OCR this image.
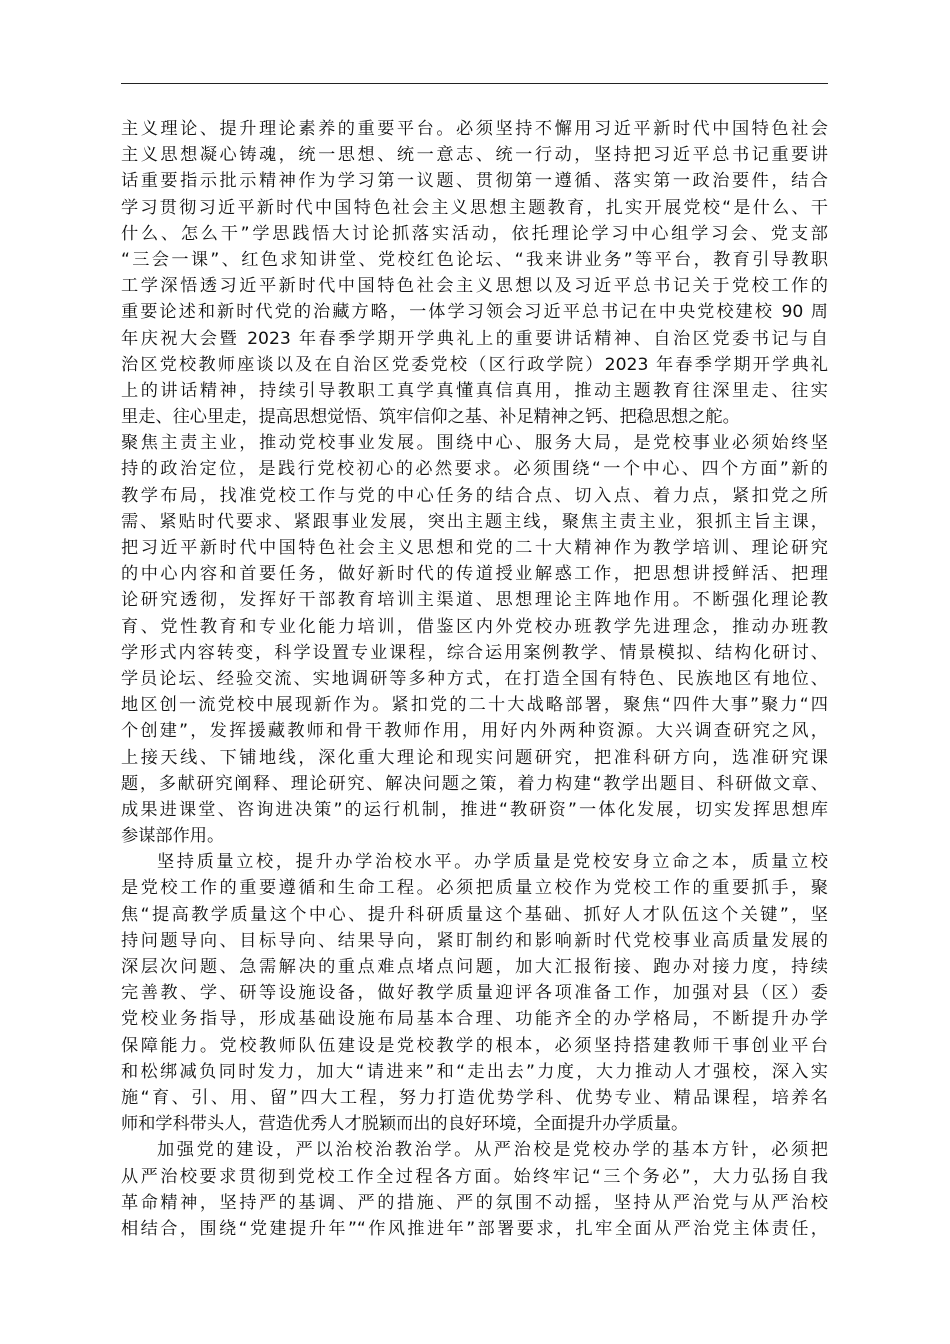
主义理论、提升理论素养的重要平台。必须坚持不懈用习近平新时代中国特色社会
主义思想凝心铸魂，统一思想、统一意志、统一行动，坚持把习近平总书记重要讲
话重要指示批示精神作为学习第一议题、贯彻第一遵循、落实第一政治要件，结合
学习贯彻习近平新时代中国特色社会主义思想主题教育，扎实开展党校“是什么、干
什么、怎么干”学思践悟大讨论抓落实活动，依托理论学习中心组学习会、党支部
“三会一课”、红色求知讲堂、党校红色论坛、“我来讲业务”等平台，教育引导教职
工学深悟透习近平新时代中国特色社会主义思想以及习近平总书记关于党校工作的
重要论述和新时代党的治藏方略，一体学习领会习近平总书记在中央党校建校 90 周
年庆祝大会暨 2023 年春季学期开学典礼上的重要讲话精神、自治区党委书记与自
治区党校教师座谈以及在自治区党委党校（区行政学院）2023 年春季学期开学典礼
上的讲话精神，持续引导教职工真学真懂真信真用，推动主题教育往深里走、往实
里走、往心里走，提高思想觉悟、筑牢信仰之基、补足精神之钙、把稳思想之舵。
聚焦主责主业，推动党校事业发展。围绕中心、服务大局，是党校事业必须始终坚
持的政治定位，是践行党校初心的必然要求。必须围绕“一个中心、四个方面”新的
教学布局，找准党校工作与党的中心任务的结合点、切入点、着力点，紧扣党之所
需、紧贴时代要求、紧跟事业发展，突出主题主线，聚焦主责主业，狠抓主旨主课，
把习近平新时代中国特色社会主义思想和党的二十大精神作为教学培训、理论研究
的中心内容和首要任务，做好新时代的传道授业解惑工作，把思想讲授鲜活、把理
论研究透彻，发挥好干部教育培训主渠道、思想理论主阵地作用。不断强化理论教
育、党性教育和专业化能力培训，借鉴区内外党校办班教学先进理念，推动办班教
学形式内容转变，科学设置专业课程，综合运用案例教学、情景模拟、结构化研讨、
学员论坛、经验交流、实地调研等多种方式，在打造全国有特色、民族地区有地位、
地区创一流党校中展现新作为。紧扣党的二十大战略部署，聚焦“四件大事”聚力“四
个创建”，发挥援藏教师和骨干教师作用，用好内外两种资源。大兴调查研究之风，
上接天线、下铺地线，深化重大理论和现实问题研究，把准科研方向，选准研究课
题，多献研究阐释、理论研究、解决问题之策，着力构建“教学出题目、科研做文章、
成果进课堂、咨询进决策”的运行机制，推进“教研资”一体化发展，切实发挥思想库
参谋部作用。
坚持质量立校，提升办学治校水平。办学质量是党校安身立命之本，质量立校
是党校工作的重要遵循和生命工程。必须把质量立校作为党校工作的重要抓手，聚
焦“提高教学质量这个中心、提升科研质量这个基础、抓好人才队伍这个关键”，坚
持问题导向、目标导向、结果导向，紧盯制约和影响新时代党校事业高质量发展的
深层次问题、急需解决的重点难点堵点问题，加大汇报衔接、跑办对接力度，持续
完善教、学、研等设施设备，做好教学质量迎评各项准备工作，加强对县（区）委
党校业务指导，形成基础设施布局基本合理、功能齐全的办学格局，不断提升办学
保障能力。党校教师队伍建设是党校教学的根本，必须坚持搭建教师干事创业平台
和松绑减负同时发力，加大“请进来”和“走出去”力度，大力推动人才强校，深入实
施“育、引、用、留”四大工程，努力打造优势学科、优势专业、精品课程，培养名
师和学科带头人，营造优秀人才脱颖而出的良好环境，全面提升办学质量。
加强党的建设，严以治校治教治学。从严治校是党校办学的基本方针，必须把
从严治校要求贯彻到党校工作全过程各方面。始终牢记“三个务必”，大力弘扬自我
革命精神，坚持严的基调、严的措施、严的氛围不动摇，坚持从严治党与从严治校
相结合，围绕“党建提升年”“作风推进年”部署要求，扎牢全面从严治党主体责任，
